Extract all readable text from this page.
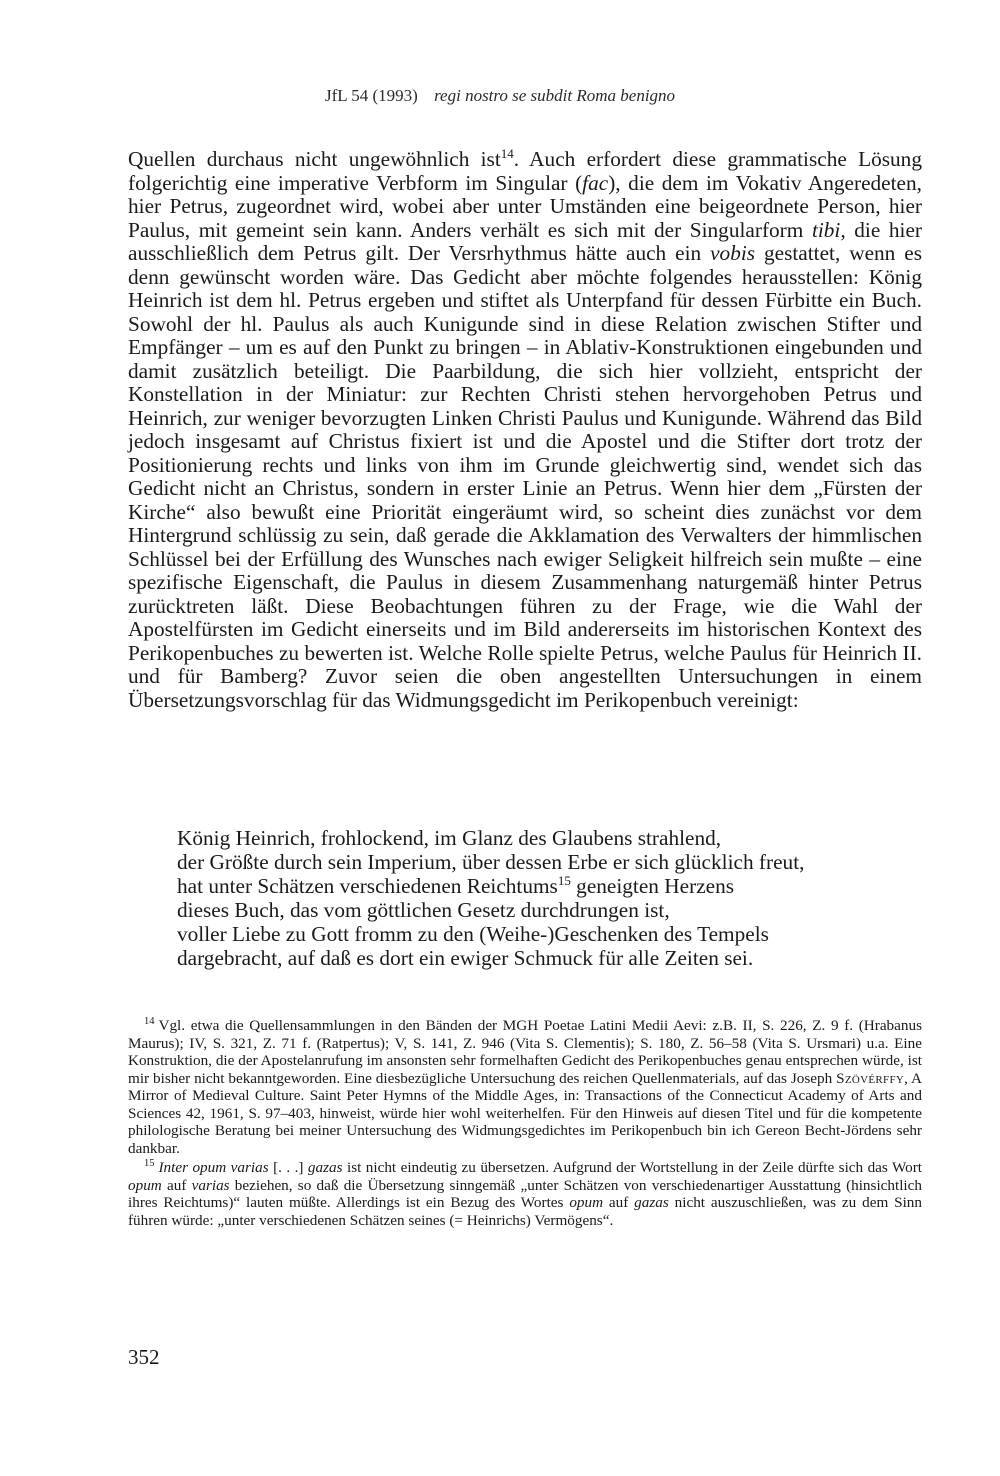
JfL 54 (1993) regi nostro se subdit Roma benigno

Quellen durchaus nicht ungewöhnlich ist$^{14}$. Auch erfordert diese grammatische Lösung folgerichtig eine imperative Verbform im Singular (fac), die dem im Vokativ Angeredeten, hier Petrus, zugeordnet wird, wobei aber unter Umständen eine beigeordnete Person, hier Paulus, mit gemeint sein kann. Anders verhält es sich mit der Singularform tibi, die hier ausschließlich dem Petrus gilt. Der Versrhythmus hätte auch ein vobis gestattet, wenn es denn gewünscht worden wäre. Das Gedicht aber möchte folgendes herausstellen: König Heinrich ist dem hl. Petrus ergeben und stiftet als Unterpfand für dessen Fürbitte ein Buch. Sowohl der hl. Paulus als auch Kunigunde sind in diese Relation zwischen Stifter und Empfänger – um es auf den Punkt zu bringen – in Ablativ-Konstruktionen eingebunden und damit zusätzlich beteiligt. Die Paarbildung, die sich hier vollzieht, entspricht der Konstellation in der Miniatur: zur Rechten Christi stehen hervorgehoben Petrus und Heinrich, zur weniger bevorzugten Linken Christi Paulus und Kunigunde. Während das Bild jedoch insgesamt auf Christus fixiert ist und die Apostel und die Stifter dort trotz der Positionierung rechts und links von ihm im Grunde gleichwertig sind, wendet sich das Gedicht nicht an Christus, sondern in erster Linie an Petrus. Wenn hier dem „Fürsten der Kirche“ also bewußt eine Priorität eingeräumt wird, so scheint dies zunächst vor dem Hintergrund schlüssig zu sein, daß gerade die Akklamation des Verwalters der himmlischen Schlüssel bei der Erfüllung des Wunsches nach ewiger Seligkeit hilfreich sein mußte – eine spezifische Eigenschaft, die Paulus in diesem Zusammenhang naturgemäß hinter Petrus zurücktreten läßt. Diese Beobachtungen führen zu der Frage, wie die Wahl der Apostelfürsten im Gedicht einerseits und im Bild andererseits im historischen Kontext des Perikopenbuches zu bewerten ist. Welche Rolle spielte Petrus, welche Paulus für Heinrich II. und für Bamberg? Zuvor seien die oben angestellten Untersuchungen in einem Übersetzungsvorschlag für das Widmungsgedicht im Perikopenbuch vereinigt:

König Heinrich, frohlockend, im Glanz des Glaubens strahlend,
der Größte durch sein Imperium, über dessen Erbe er sich glücklich freut,
hat unter Schätzen verschiedenen Reichtums$^{15}$ geneigten Herzens
dieses Buch, das vom göttlichen Gesetz durchdrungen ist,
voller Liebe zu Gott fromm zu den (Weihe-)Geschenken des Tempels
dargebracht, auf daß es dort ein ewiger Schmuck für alle Zeiten sei.

$^{14}$ Vgl. etwa die Quellensammlungen in den Bänden der MGH Poetae Latini Medii Aevi: z.B. II, S. 226, Z. 9 f. (Hrabanus Maurus); IV, S. 321, Z. 71 f. (Ratpertus); V, S. 141, Z. 946 (Vita S. Clementis); S. 180, Z. 56–58 (Vita S. Ursmari) u.a. Eine Konstruktion, die der Apostelanrufung im ansonsten sehr formelhaften Gedicht des Perikopenbuches genau entsprechen würde, ist mir bisher nicht bekanntgeworden. Eine diesbezügliche Untersuchung des reichen Quellenmaterials, auf das Joseph Szövérffy, A Mirror of Medieval Culture. Saint Peter Hymns of the Middle Ages, in: Transactions of the Connecticut Academy of Arts and Sciences 42, 1961, S. 97–403, hinweist, würde hier wohl weiterhelfen. Für den Hinweis auf diesen Titel und für die kompetente philologische Beratung bei meiner Untersuchung des Widmungsgedichtes im Perikopenbuch bin ich Gereon Becht-Jördens sehr dankbar.

$^{15}$ Inter opum varias [. . .] gazas ist nicht eindeutig zu übersetzen. Aufgrund der Wortstellung in der Zeile dürfte sich das Wort opum auf varias beziehen, so daß die Übersetzung sinngemäß „unter Schätzen von verschiedenartiger Ausstattung (hinsichtlich ihres Reichtums)“ lauten müßte. Allerdings ist ein Bezug des Wortes opum auf gazas nicht auszuschließen, was zu dem Sinn führen würde: „unter verschiedenen Schätzen seines (= Heinrichs) Vermögens“.

352
